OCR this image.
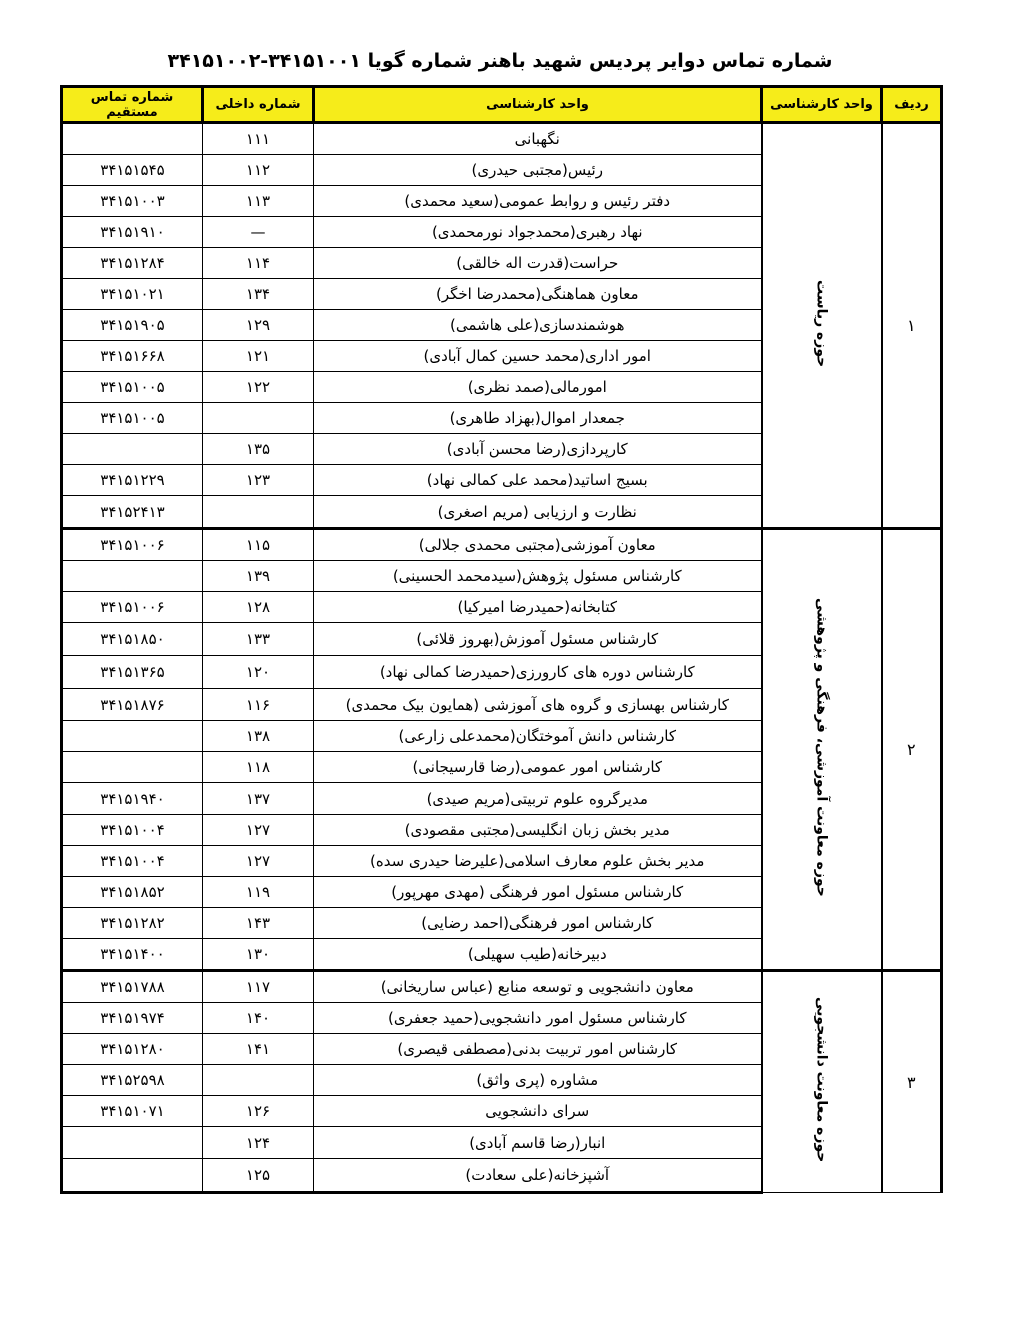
شماره تماس دوایر پردیس شهید باهنر شماره گویا ۳۴۱۵۱۰۰۱-۳۴۱۵۱۰۰۲
ردیف	واحد کارشناسی	واحد کارشناسی	شماره داخلی	شماره تماس مستقیم
۱	حوزه ریاست	نگهبانی	۱۱۱	
		رئیس(مجتبی حیدری)	۱۱۲	۳۴۱۵۱۵۴۵
		دفتر رئیس و روابط عمومی(سعید محمدی)	۱۱۳	۳۴۱۵۱۰۰۳
		نهاد رهبری(محمدجواد نورمحمدی)	—	۳۴۱۵۱۹۱۰
		حراست(قدرت اله خالقی)	۱۱۴	۳۴۱۵۱۲۸۴
		معاون هماهنگی(محمدرضا اخگر)	۱۳۴	۳۴۱۵۱۰۲۱
		هوشمندسازی(علی هاشمی)	۱۲۹	۳۴۱۵۱۹۰۵
		امور اداری(محمد حسین کمال آبادی)	۱۲۱	۳۴۱۵۱۶۶۸
		امورمالی(صمد نظری)	۱۲۲	۳۴۱۵۱۰۰۵
		جمعدار اموال(بهزاد طاهری)		۳۴۱۵۱۰۰۵
		کارپردازی(رضا محسن آبادی)	۱۳۵	
		بسیج اساتید(محمد علی کمالی نهاد)	۱۲۳	۳۴۱۵۱۲۲۹
		نظارت و ارزیابی (مریم اصغری)		۳۴۱۵۲۴۱۳
۲	حوزه معاونت آموزشی، فرهنگی و پژوهشی	معاون آموزشی(مجتبی محمدی جلالی)	۱۱۵	۳۴۱۵۱۰۰۶
		کارشناس مسئول پژوهش(سیدمحمد الحسینی)	۱۳۹	
		کتابخانه(حمیدرضا امیرکیا)	۱۲۸	۳۴۱۵۱۰۰۶
		کارشناس مسئول آموزش(بهروز قلائی)	۱۳۳	۳۴۱۵۱۸۵۰
		کارشناس دوره های کارورزی(حمیدرضا کمالی نهاد)	۱۲۰	۳۴۱۵۱۳۶۵
		کارشناس بهسازی و گروه های آموزشی (همایون بیک محمدی)	۱۱۶	۳۴۱۵۱۸۷۶
		کارشناس دانش آموختگان(محمدعلی زارعی)	۱۳۸	
		کارشناس امور عمومی(رضا قارسیجانی)	۱۱۸	
		مدیرگروه علوم تربیتی(مریم صیدی)	۱۳۷	۳۴۱۵۱۹۴۰
		مدیر بخش زبان انگلیسی(مجتبی مقصودی)	۱۲۷	۳۴۱۵۱۰۰۴
		مدیر بخش علوم معارف اسلامی(علیرضا حیدری سده)	۱۲۷	۳۴۱۵۱۰۰۴
		کارشناس مسئول امور فرهنگی (مهدی مهرپور)	۱۱۹	۳۴۱۵۱۸۵۲
		کارشناس امور فرهنگی(احمد رضایی)	۱۴۳	۳۴۱۵۱۲۸۲
		دبیرخانه(طیب سهیلی)	۱۳۰	۳۴۱۵۱۴۰۰
۳	حوزه معاونت دانشجویی	معاون دانشجویی و توسعه منابع (عباس ساریخانی)	۱۱۷	۳۴۱۵۱۷۸۸
		کارشناس مسئول امور دانشجویی(حمید جعفری)	۱۴۰	۳۴۱۵۱۹۷۴
		کارشناس امور تربیت بدنی(مصطفی قیصری)	۱۴۱	۳۴۱۵۱۲۸۰
		مشاوره (پری واثق)		۳۴۱۵۲۵۹۸
		سرای دانشجویی	۱۲۶	۳۴۱۵۱۰۷۱
		انبار(رضا قاسم آبادی)	۱۲۴	
		آشپزخانه(علی سعادت)	۱۲۵	
